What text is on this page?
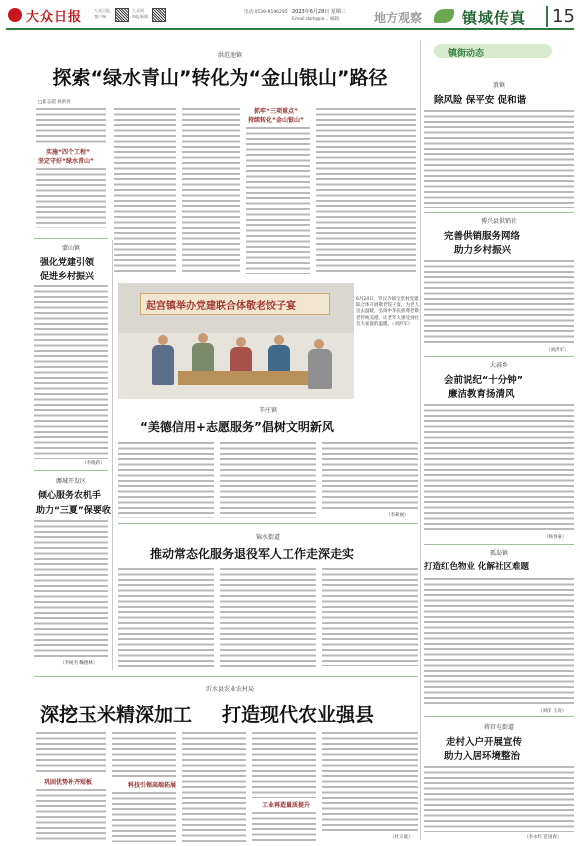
大众日报	大众日报
客户端
大众网
海报新闻
电话:0539-8196295 2023年6月28日 星期三
Email:dzrb@ie... 邮箱	地方观察	镇域传真	15
洪范池镇
探索“绿水青山”转化为“金山银山”路径
□崔志超 孙洪亮
实施“四个工程”
坚定守好“绿水青山”
抓牢“三项重点”
持续转化“金山银山”
蒙山镇
强化党建引领
促进乡村振兴
（李晓莉）
鄌城开发区
倾心服务农机手
助力“三夏”保要收
（李树杰 鞠德林）
起宫镇举办党建联合体敬老饺子宴
6月24日，罗汉寺镇宝堂村党建联合体开展敬老饺子宴，为老人送去温暖，弘扬中华民族尊老敬老传统美德，让老年人感受到社会大家庭的温暖。（刘洪军）
辛庄镇
“美德信用+志愿服务”倡树文明新风
（李莉丽）
锦水街道
推动常态化服务退役军人工作走深走实
沂水县农业农村局
深挖玉米精深加工	打造现代农业强县
巩固优势补齐短板	科技引领高端拓展
工业再造量质提升
（杜义波）
镇街动态
浪镇
除风险 保平安 促和谐
博兴县供销社
完善供销服务网络
助力乡村振兴
（刘洪军）
大蒜乡
会前说纪“十分钟”
廉洁教育扬清风
（杨春豪）
孤岛镇
打造红色物业 化解社区难题
（刘洋 王涛）
蒋官屯街道
走村入户开展宣传
助力入居环境整治
（李永红 范国春）
